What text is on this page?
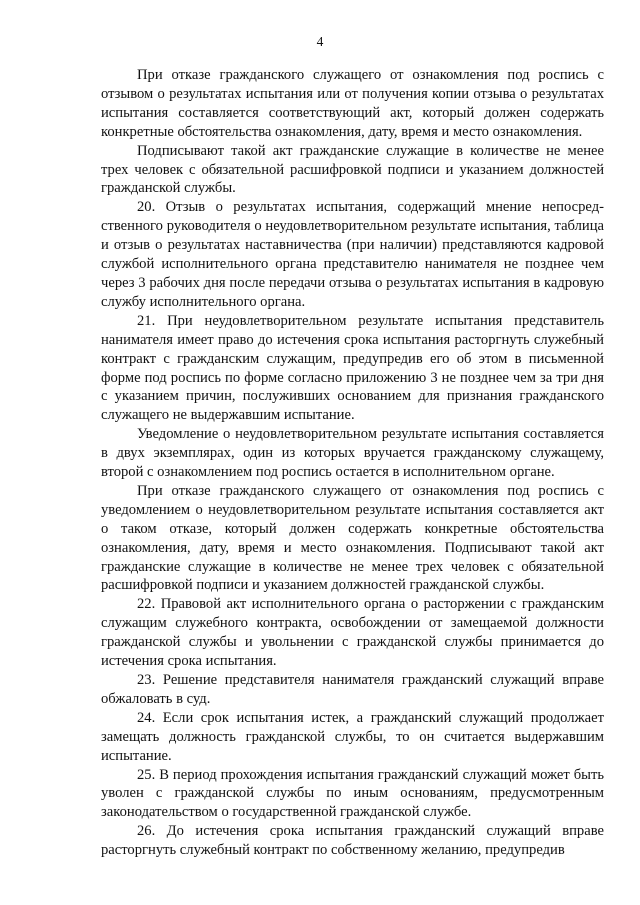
4

При отказе гражданского служащего от ознакомления под роспись с отзывом о результатах испытания или от получения копии отзыва о результатах испытания составляется соответствующий акт, который должен содержать конкретные обстоятельства ознакомления, дату, время и место ознакомления.

Подписывают такой акт гражданские служащие в количестве не менее трех человек с обязательной расшифровкой подписи и указанием должностей гражданской службы.

20. Отзыв о результатах испытания, содержащий мнение непосредственного руководителя о неудовлетворительном результате испытания, таблица и отзыв о результатах наставничества (при наличии) представляются кадровой службой исполнительного органа представителю нанимателя не позднее чем через 3 рабочих дня после передачи отзыва о результатах испытания в кадровую службу исполнительного органа.

21. При неудовлетворительном результате испытания представитель нанимателя имеет право до истечения срока испытания расторгнуть служебный контракт с гражданским служащим, предупредив его об этом в письменной форме под роспись по форме согласно приложению 3 не позднее чем за три дня с указанием причин, послуживших основанием для признания гражданского служащего не выдержавшим испытание.

Уведомление о неудовлетворительном результате испытания составляется в двух экземплярах, один из которых вручается гражданскому служащему, второй с ознакомлением под роспись остается в исполнительном органе.

При отказе гражданского служащего от ознакомления под роспись с уведомлением о неудовлетворительном результате испытания составляется акт о таком отказе, который должен содержать конкретные обстоятельства ознакомления, дату, время и место ознакомления. Подписывают такой акт гражданские служащие в количестве не менее трех человек с обязательной расшифровкой подписи и указанием должностей гражданской службы.

22. Правовой акт исполнительного органа о расторжении с гражданским служащим служебного контракта, освобождении от замещаемой должности гражданской службы и увольнении с гражданской службы принимается до истечения срока испытания.

23. Решение представителя нанимателя гражданский служащий вправе обжаловать в суд.

24. Если срок испытания истек, а гражданский служащий продолжает замещать должность гражданской службы, то он считается выдержавшим испытание.

25. В период прохождения испытания гражданский служащий может быть уволен с гражданской службы по иным основаниям, предусмотренным законодательством о государственной гражданской службе.

26. До истечения срока испытания гражданский служащий вправе расторгнуть служебный контракт по собственному желанию, предупредив
